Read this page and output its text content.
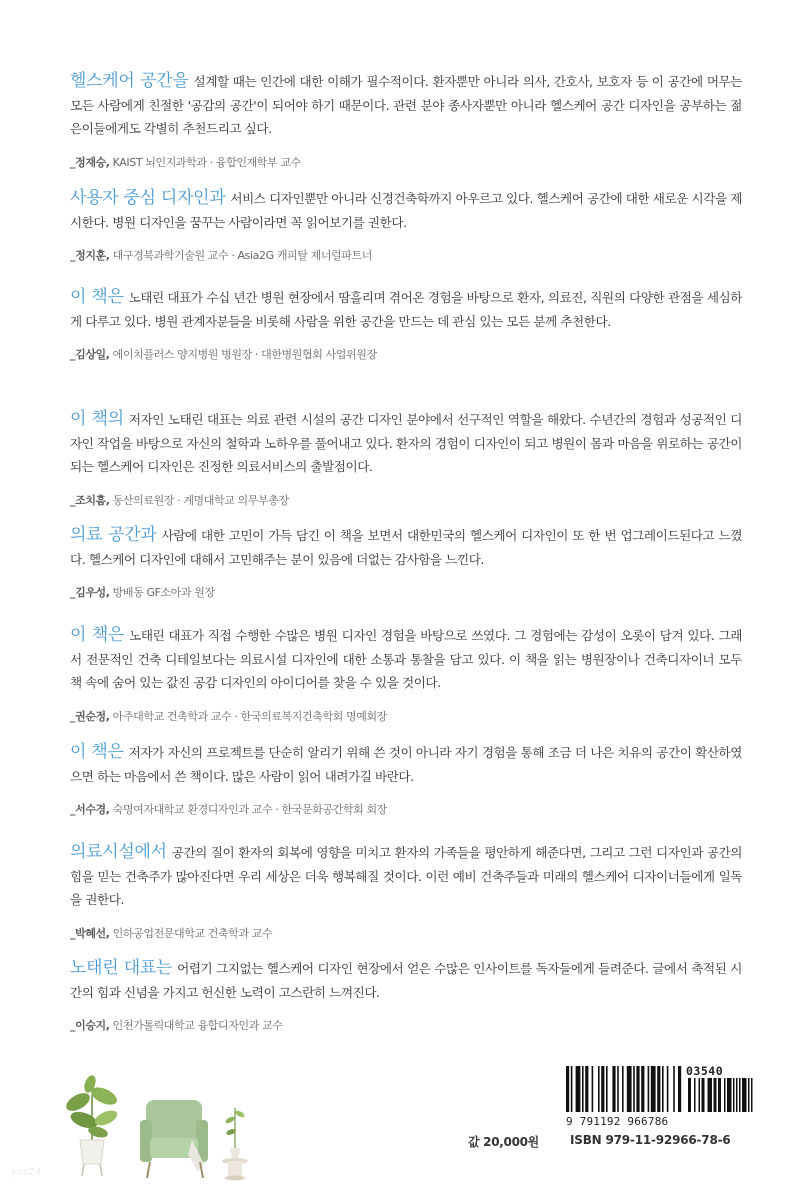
헬스케어 공간을 설계할 때는 인간에 대한 이해가 필수적이다. 환자뿐만 아니라 의사, 간호사, 보호자 등 이 공간에 머무는 모든 사람에게 친절한 '공감의 공간'이 되어야 하기 때문이다. 관련 분야 종사자뿐만 아니라 헬스케어 공간 디자인을 공부하는 젊은이들에게도 각별히 추천드리고 싶다.

_정재승, KAIST 뇌인지과학과 · 융합인재학부 교수

사용자 중심 디자인과 서비스 디자인뿐만 아니라 신경건축학까지 아우르고 있다. 헬스케어 공간에 대한 새로운 시각을 제시한다. 병원 디자인을 꿈꾸는 사람이라면 꼭 읽어보기를 권한다.

_정지훈, 대구경북과학기술원 교수 · Asia2G 캐피탈 제너럴파트너

이 책은 노태린 대표가 수십 년간 병원 현장에서 땀흘리며 겪어온 경험을 바탕으로 환자, 의료진, 직원의 다양한 관점을 세심하게 다루고 있다. 병원 관계자분들을 비롯해 사람을 위한 공간을 만드는 데 관심 있는 모든 분께 추천한다.

_김상일, 에이치플러스 양지병원 병원장 · 대한병원협회 사업위원장

이 책의 저자인 노태린 대표는 의료 관련 시설의 공간 디자인 분야에서 선구적인 역할을 해왔다. 수년간의 경험과 성공적인 디자인 작업을 바탕으로 자신의 철학과 노하우를 풀어내고 있다. 환자의 경험이 디자인이 되고 병원이 몸과 마음을 위로하는 공간이 되는 헬스케어 디자인은 진정한 의료서비스의 출발점이다.

_조치흠, 동산의료원장 · 계명대학교 의무부총장

의료 공간과 사람에 대한 고민이 가득 담긴 이 책을 보면서 대한민국의 헬스케어 디자인이 또 한 번 업그레이드된다고 느꼈다. 헬스케어 디자인에 대해서 고민해주는 분이 있음에 더없는 감사함을 느낀다.

_김우성, 방배동 GF소아과 원장

이 책은 노태린 대표가 직접 수행한 수많은 병원 디자인 경험을 바탕으로 쓰였다. 그 경험에는 감성이 오롯이 담겨 있다. 그래서 전문적인 건축 디테일보다는 의료시설 디자인에 대한 소통과 통찰을 담고 있다. 이 책을 읽는 병원장이나 건축디자이너 모두 책 속에 숨어 있는 값진 공감 디자인의 아이디어를 찾을 수 있을 것이다.

_권순정, 아주대학교 건축학과 교수 · 한국의료복지건축학회 명예회장

이 책은 저자가 자신의 프로젝트를 단순히 알리기 위해 쓴 것이 아니라 자기 경험을 통해 조금 더 나은 치유의 공간이 확산하였으면 하는 마음에서 쓴 책이다. 많은 사람이 읽어 내려가길 바란다.

_서수경, 숙명여자대학교 환경디자인과 교수 · 한국문화공간학회 회장

의료시설에서 공간의 질이 환자의 회복에 영향을 미치고 환자의 가족들을 평안하게 해준다면, 그리고 그런 디자인과 공간의 힘을 믿는 건축주가 많아진다면 우리 세상은 더욱 행복해질 것이다. 이런 예비 건축주들과 미래의 헬스케어 디자이너들에게 일독을 권한다.

_박혜선, 인하공업전문대학교 건축학과 교수

노태린 대표는 어렵기 그지없는 헬스케어 디자인 현장에서 얻은 수많은 인사이트를 독자들에게 들려준다. 글에서 축적된 시간의 힘과 신념을 가지고 헌신한 노력이 고스란히 느껴진다.

_이승지, 인천가톨릭대학교 융합디자인과 교수
03540
9 791192 966786
값 20,000원	ISBN 979-11-92966-78-6
yes24
